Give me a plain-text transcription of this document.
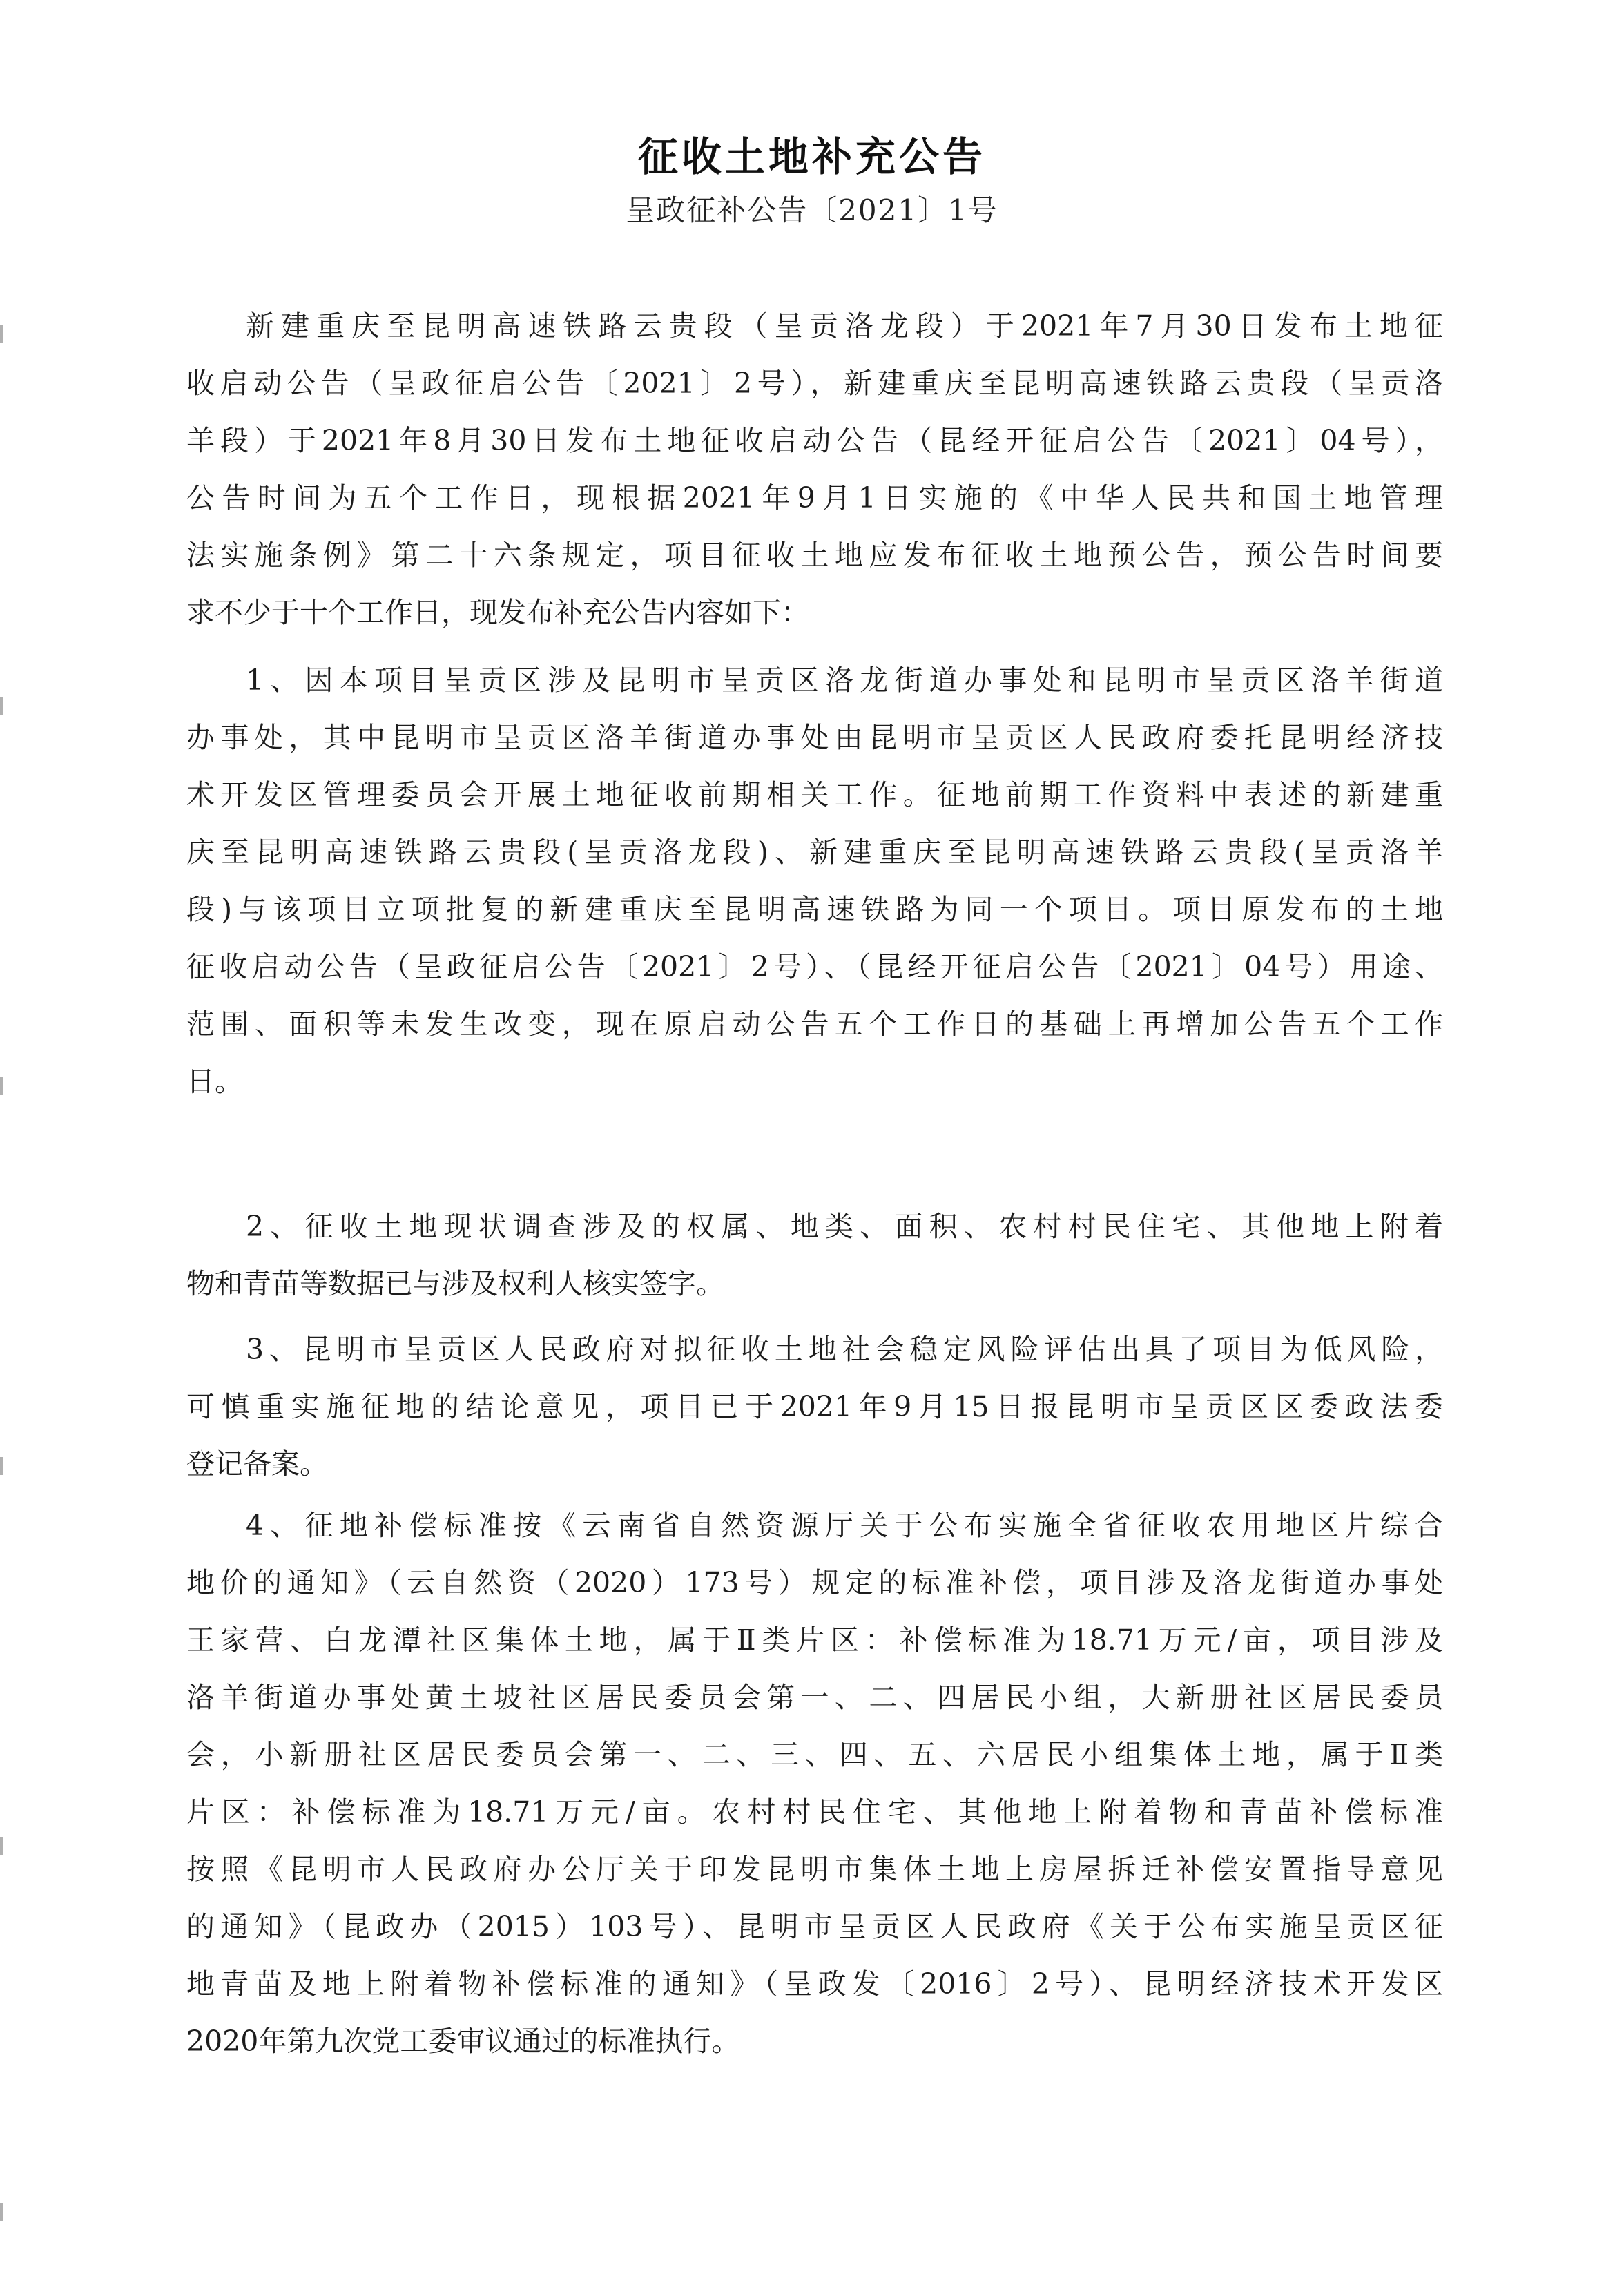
征收土地补充公告
呈政征补公告〔2021〕1号
新建重庆至昆明高速铁路云贵段（呈贡洛龙段）于2021年7月30日发布土地征
收启动公告（呈政征启公告〔2021〕2号），新建重庆至昆明高速铁路云贵段（呈贡洛
羊段）于2021年8月30日发布土地征收启动公告（昆经开征启公告〔2021〕04号），
公告时间为五个工作日，现根据2021年9月1日实施的《中华人民共和国土地管理
法实施条例》第二十六条规定，项目征收土地应发布征收土地预公告，预公告时间要
求不少于十个工作日，现发布补充公告内容如下：
1、因本项目呈贡区涉及昆明市呈贡区洛龙街道办事处和昆明市呈贡区洛羊街道
办事处，其中昆明市呈贡区洛羊街道办事处由昆明市呈贡区人民政府委托昆明经济技
术开发区管理委员会开展土地征收前期相关工作。征地前期工作资料中表述的新建重
庆至昆明高速铁路云贵段(呈贡洛龙段)、新建重庆至昆明高速铁路云贵段(呈贡洛羊
段)与该项目立项批复的新建重庆至昆明高速铁路为同一个项目。项目原发布的土地
征收启动公告（呈政征启公告〔2021〕2号）、（昆经开征启公告〔2021〕04号）用途、
范围、面积等未发生改变，现在原启动公告五个工作日的基础上再增加公告五个工作
日。
2、征收土地现状调查涉及的权属、地类、面积、农村村民住宅、其他地上附着
物和青苗等数据已与涉及权利人核实签字。
3、昆明市呈贡区人民政府对拟征收土地社会稳定风险评估出具了项目为低风险，
可慎重实施征地的结论意见，项目已于2021年9月15日报昆明市呈贡区区委政法委
登记备案。
4、征地补偿标准按《云南省自然资源厅关于公布实施全省征收农用地区片综合
地价的通知》（云自然资（2020）173号）规定的标准补偿，项目涉及洛龙街道办事处
王家营、白龙潭社区集体土地，属于Ⅱ类片区：补偿标准为18.71万元/亩，项目涉及
洛羊街道办事处黄土坡社区居民委员会第一、二、四居民小组，大新册社区居民委员
会，小新册社区居民委员会第一、二、三、四、五、六居民小组集体土地，属于Ⅱ类
片区：补偿标准为18.71万元/亩。农村村民住宅、其他地上附着物和青苗补偿标准
按照《昆明市人民政府办公厅关于印发昆明市集体土地上房屋拆迁补偿安置指导意见
的通知》（昆政办（2015）103号）、昆明市呈贡区人民政府《关于公布实施呈贡区征
地青苗及地上附着物补偿标准的通知》（呈政发〔2016〕2号）、昆明经济技术开发区
2020年第九次党工委审议通过的标准执行。
